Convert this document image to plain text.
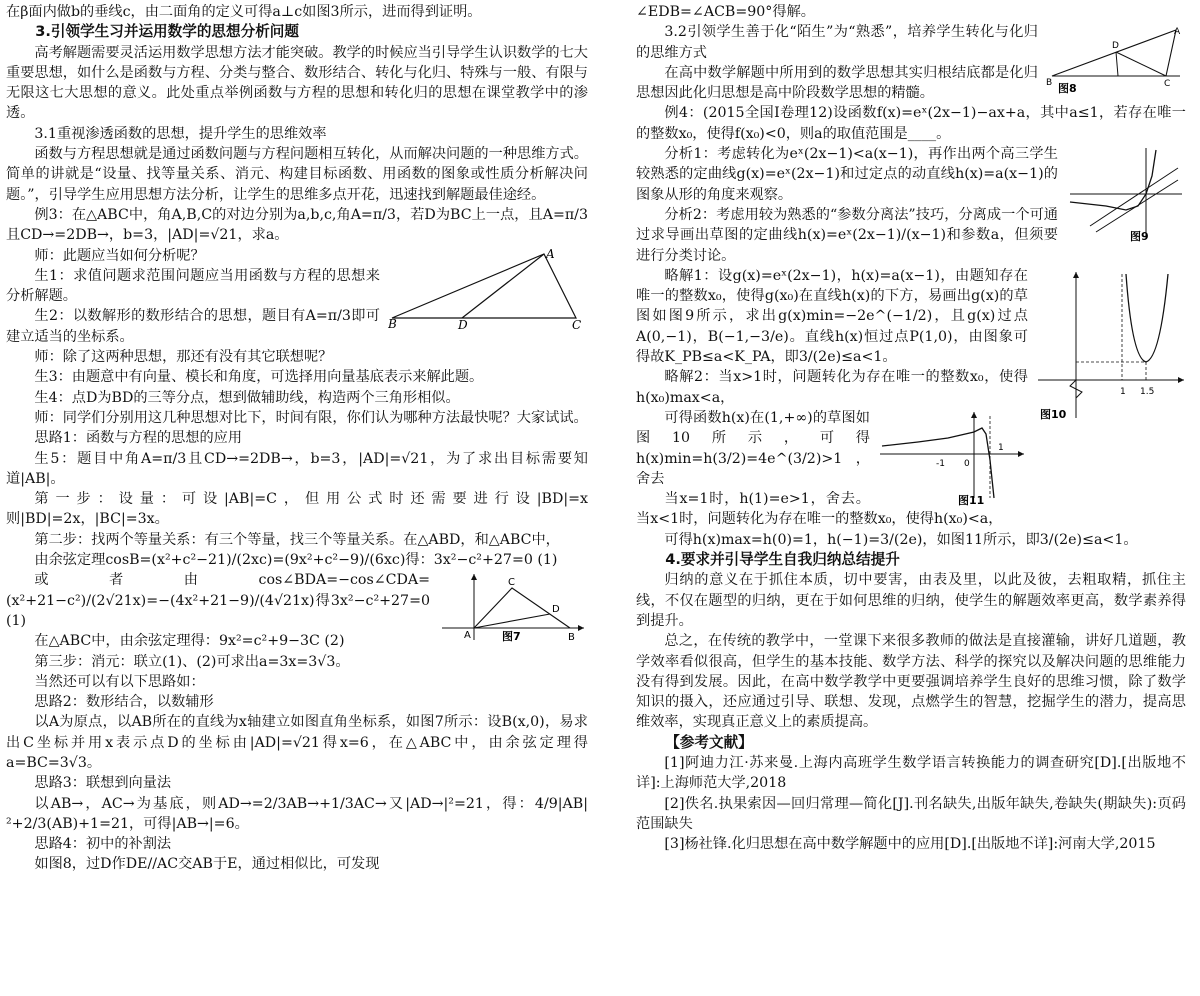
在β面内做b的垂线c，由二面角的定义可得a⊥c如图3所示，进而得到证明。

3.引领学生习并运用数学的思想分析问题

高考解题需要灵活运用数学思想方法才能突破。教学的时候应当引导学生认识数学的七大重要思想，如什么是函数与方程、分类与整合、数形结合、转化与化归、特殊与一般、有限与无限这七大思想的意义。此处重点举例函数与方程的思想和转化归的思想在课堂教学中的渗透。

3.1重视渗透函数的思想，提升学生的思维效率

函数与方程思想就是通过函数问题与方程问题相互转化，从而解决问题的一种思维方式。简单的讲就是“设量、找等量关系、消元、构建目标函数、用函数的图象或性质分析解决问题。”，引导学生应用思想方法分析，让学生的思维多点开花，迅速找到解题最佳途经。

例3：在△ABC中，角A,B,C的对边分别为a,b,c,角A=π/3，若D为BC上一点，且A=π/3且CD→=2DB→，b=3，|AD|=√21，求a。

A
B	C
D

师：此题应当如何分析呢？

生1：求值问题求范围问题应当用函数与方程的思想来分析解题。

生2：以数解形的数形结合的思想，题目有A=π/3即可建立适当的坐标系。

师：除了这两种思想，那还有没有其它联想呢？

生3：由题意中有向量、模长和角度，可选择用向量基底表示来解此题。

生4：点D为BD的三等分点，想到做辅助线，构造两个三角形相似。

师：同学们分别用这几种思想对比下，时间有限，你们认为哪种方法最快呢？大家试试。

思路1：函数与方程的思想的应用

生5：题目中角A=π/3且CD→=2DB→，b=3，|AD|=√21，为了求出目标需要知道|AB|。

第一步：设量：可设|AB|=C，但用公式时还需要进行设|BD|=x则|BD|=2x，|BC|=3x。

第二步：找两个等量关系：有三个等量，找三个等量关系。在△ABD，和△ABC中，

由余弦定理cosB=(x²+c²−21)/(2xc)=(9x²+c²−9)/(6xc)得：3x²−c²+27=0 (1)

C
D
A	B
图7

或者由cos∠BDA=−cos∠CDA=(x²+21−c²)/(2√21x)=−(4x²+21−9)/(4√21x)得3x²−c²+27=0 (1)

在△ABC中，由余弦定理得：9x²=c²+9−3C (2)

第三步：消元：联立(1)、(2)可求出a=3x=3√3。

当然还可以有以下思路如：

思路2：数形结合，以数辅形

以A为原点，以AB所在的直线为x轴建立如图直角坐标系，如图7所示：设B(x,0)，易求出C坐标并用x表示点D的坐标由|AD|=√21得x=6，在△ABC中，由余弦定理得a=BC=3√3。

思路3：联想到向量法

以AB→，AC→为基底，则AD→=2/3AB→+1/3AC→又|AD→|²=21，得：4/9|AB|²+2/3(AB)+1=21，可得|AB→|=6。

思路4：初中的补割法

如图8，过D作DE//AC交AB于E，通过相似比，可发现

∠EDB=∠ACB=90°得解。

A
B	C
D
图8

3.2引领学生善于化“陌生”为“熟悉”，培养学生转化与化归的思维方式

在高中数学解题中所用到的数学思想其实归根结底都是化归思想因此化归思想是高中阶段数学思想的精髓。

例4：(2015全国Ⅰ卷理12)设函数f(x)=eˣ(2x−1)−ax+a，其中a≤1，若存在唯一的整数x₀，使得f(x₀)<0，则a的取值范围是____。

图9

分析1：考虑转化为eˣ(2x−1)<a(x−1)，再作出两个高三学生较熟悉的定曲线g(x)=eˣ(2x−1)和过定点的动直线h(x)=a(x−1)的图象从形的角度来观察。

分析2：考虑用较为熟悉的“参数分离法”技巧，分离成一个可通过求导画出草图的定曲线h(x)=eˣ(2x−1)/(x−1)和参数a，但须要进行分类讨论。

1 1.5
图10

略解1：设g(x)=eˣ(2x−1)，h(x)=a(x−1)，由题知存在唯一的整数x₀，使得g(x₀)在直线h(x)的下方，易画出g(x)的草图如图9所示，求出g(x)min=−2e^(−1/2)，且g(x)过点A(0,−1)，B(−1,−3/e)。直线h(x)恒过点P(1,0)，由图象可得故K_PB≤a<K_PA，即3/(2e)≤a<1。

略解2：当x>1时，问题转化为存在唯一的整数x₀，使得h(x₀)max<a，

-1 0
1
图11

可得函数h(x)在(1,+∞)的草图如图10所示，可得h(x)min=h(3/2)=4e^(3/2)>1，舍去

当x=1时，h(1)=e>1，舍去。当x<1时，问题转化为存在唯一的整数x₀，使得h(x₀)<a，

可得h(x)max=h(0)=1，h(−1)=3/(2e)，如图11所示，即3/(2e)≤a<1。

4.要求并引导学生自我归纳总结提升

归纳的意义在于抓住本质，切中要害，由表及里，以此及彼，去粗取精，抓住主线，不仅在题型的归纳，更在于如何思维的归纳，使学生的解题效率更高，数学素养得到提升。

总之，在传统的教学中，一堂课下来很多教师的做法是直接灌输，讲好几道题，教学效率看似很高，但学生的基本技能、数学方法、科学的探究以及解决问题的思维能力没有得到发展。因此，在高中数学教学中更要强调培养学生良好的思维习惯，除了数学知识的摄入，还应通过引导、联想、发现，点燃学生的智慧，挖掘学生的潜力，提高思维效率，实现真正意义上的素质提高。

【参考文献】

[1]阿迪力江·苏来曼.上海内高班学生数学语言转换能力的调查研究[D].[出版地不详]:上海师范大学,2018

[2]佚名.执果索因—回归常理—简化[J].刊名缺失,出版年缺失,卷缺失(期缺失):页码范围缺失

[3]杨社锋.化归思想在高中数学解题中的应用[D].[出版地不详]:河南大学,2015
